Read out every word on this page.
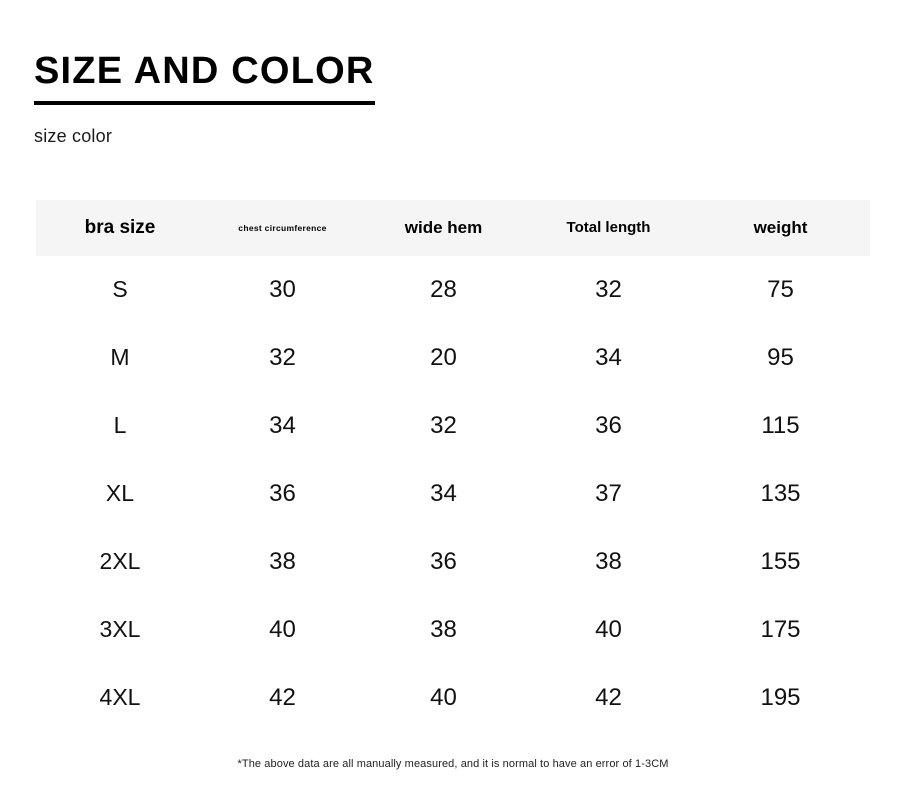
SIZE AND COLOR

size color

bra size	chest circumference	wide hem	Total length	weight
S	30	28	32	75
M	32	20	34	95
L	34	32	36	115
XL	36	34	37	135
2XL	38	36	38	155
3XL	40	38	40	175
4XL	42	40	42	195
*The above data are all manually measured, and it is normal to have an error of 1-3CM
